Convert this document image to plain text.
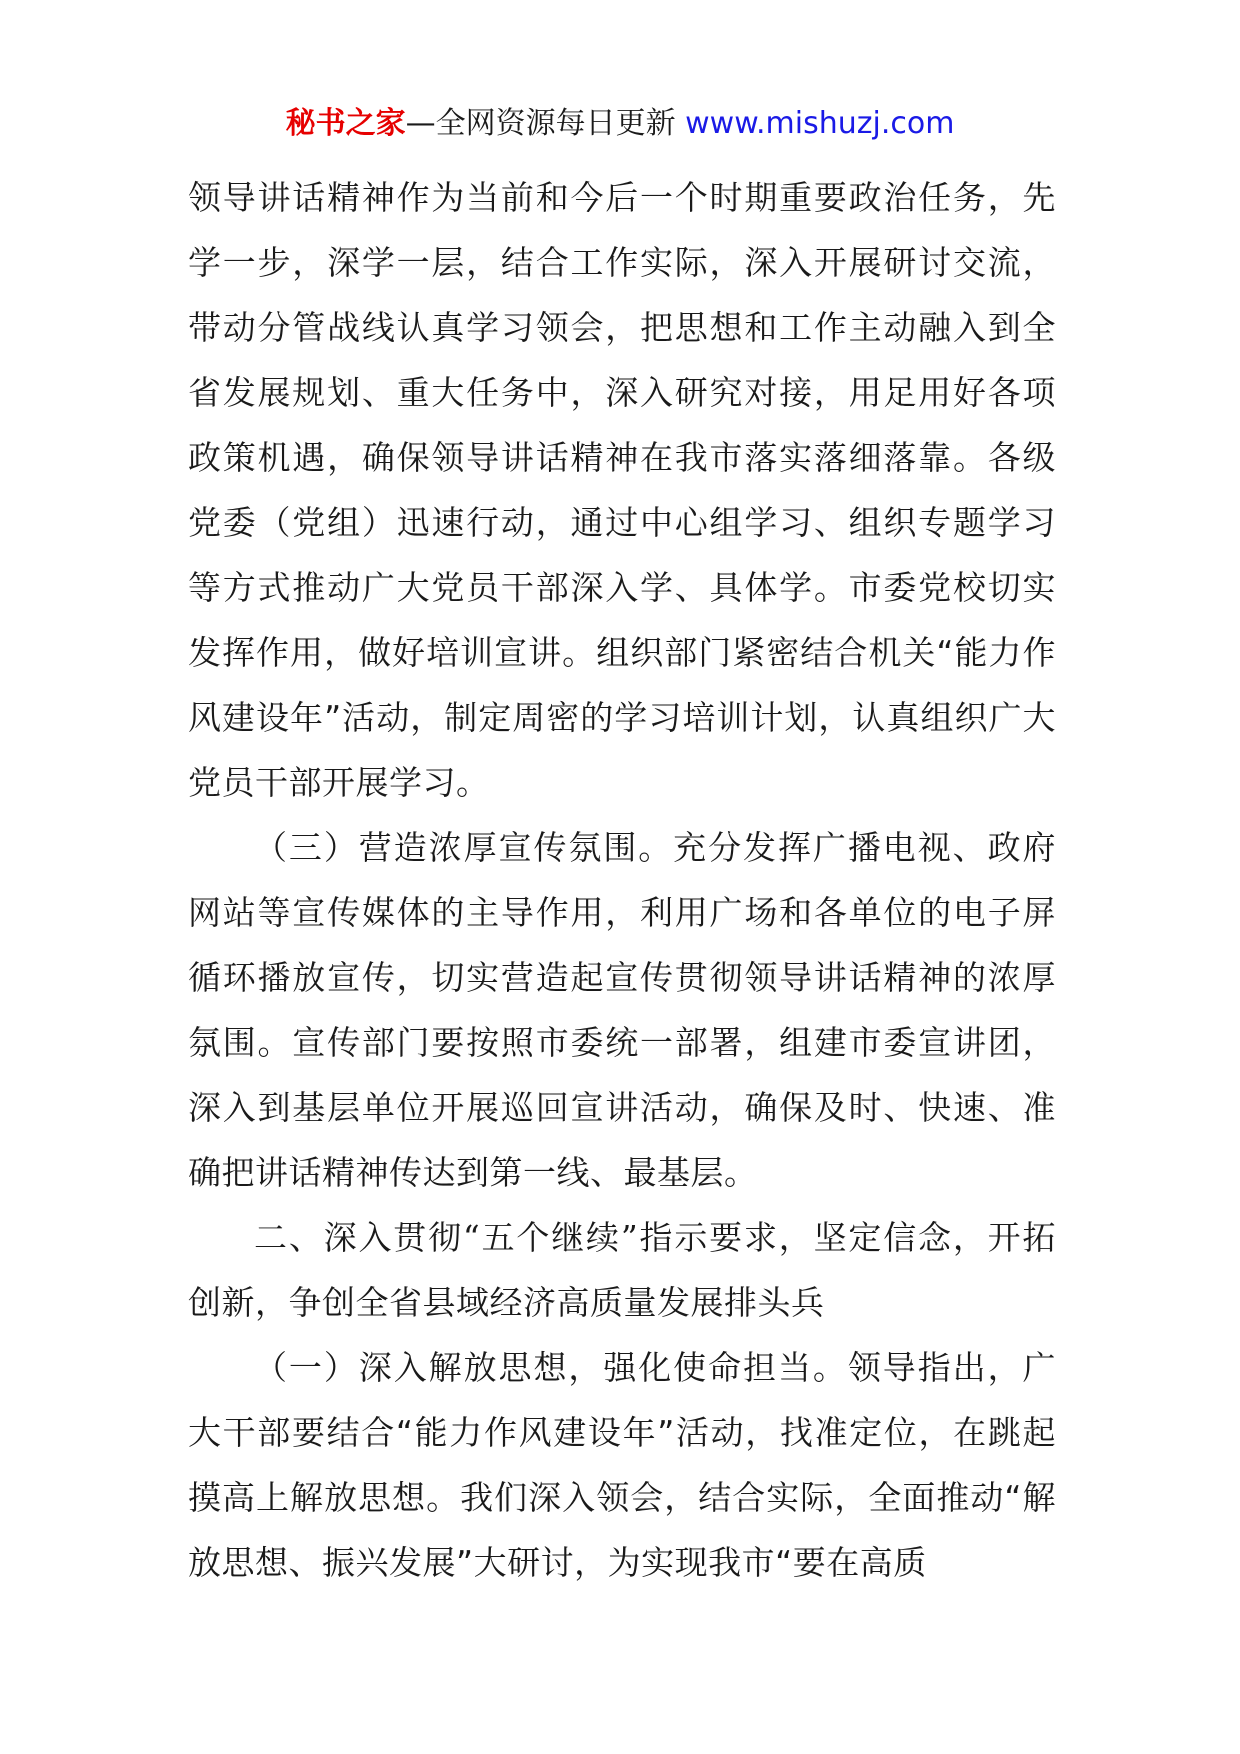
秘书之家—全网资源每日更新 www.mishuzj.com

领导讲话精神作为当前和今后一个时期重要政治任务，先学一步，深学一层，结合工作实际，深入开展研讨交流，带动分管战线认真学习领会，把思想和工作主动融入到全省发展规划、重大任务中，深入研究对接，用足用好各项政策机遇，确保领导讲话精神在我市落实落细落靠。各级党委（党组）迅速行动，通过中心组学习、组织专题学习等方式推动广大党员干部深入学、具体学。市委党校切实发挥作用，做好培训宣讲。组织部门紧密结合机关“能力作风建设年”活动，制定周密的学习培训计划，认真组织广大党员干部开展学习。

（三）营造浓厚宣传氛围。充分发挥广播电视、政府网站等宣传媒体的主导作用，利用广场和各单位的电子屏循环播放宣传，切实营造起宣传贯彻领导讲话精神的浓厚氛围。宣传部门要按照市委统一部署，组建市委宣讲团，深入到基层单位开展巡回宣讲活动，确保及时、快速、准确把讲话精神传达到第一线、最基层。

二、深入贯彻“五个继续”指示要求，坚定信念，开拓创新，争创全省县域经济高质量发展排头兵

（一）深入解放思想，强化使命担当。领导指出，广大干部要结合“能力作风建设年”活动，找准定位，在跳起摸高上解放思想。我们深入领会，结合实际，全面推动“解放思想、振兴发展”大研讨，为实现我市“要在高质
